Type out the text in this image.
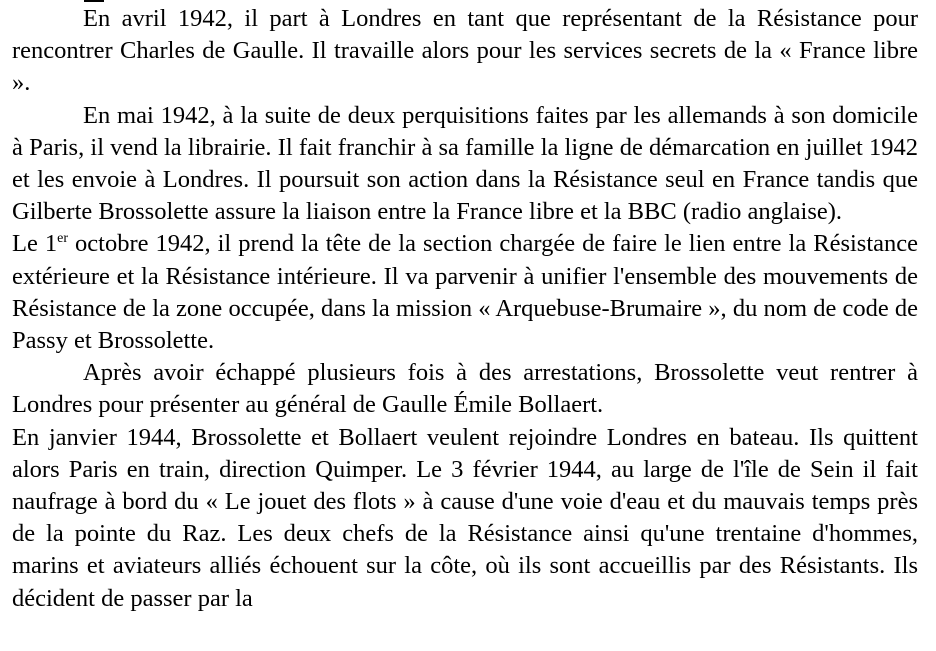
En avril 1942, il part à Londres en tant que représentant de la Résistance pour rencontrer Charles de Gaulle. Il travaille alors pour les services secrets de la « France libre ».

En mai 1942, à la suite de deux perquisitions faites par les allemands à son domicile à Paris, il vend la librairie. Il fait franchir à sa famille la ligne de démarcation en juillet 1942 et les envoie à Londres. Il poursuit son action dans la Résistance seul en France tandis que Gilberte Brossolette assure la liaison entre la France libre et la BBC (radio anglaise).

Le 1er octobre 1942, il prend la tête de la section chargée de faire le lien entre la Résistance extérieure et la Résistance intérieure. Il va parvenir à unifier l'ensemble des mouvements de Résistance de la zone occupée, dans la mission « Arquebuse-Brumaire », du nom de code de Passy et Brossolette.

Après avoir échappé plusieurs fois à des arrestations, Brossolette veut rentrer à Londres pour présenter au général de Gaulle Émile Bollaert.

En janvier 1944, Brossolette et Bollaert veulent rejoindre Londres en bateau. Ils quittent alors Paris en train, direction Quimper. Le 3 février 1944, au large de l'île de Sein il fait naufrage à bord du « Le jouet des flots » à cause d'une voie d'eau et du mauvais temps près de la pointe du Raz. Les deux chefs de la Résistance ainsi qu'une trentaine d'hommes, marins et aviateurs alliés échouent sur la côte, où ils sont accueillis par des Résistants. Ils décident de passer par la
